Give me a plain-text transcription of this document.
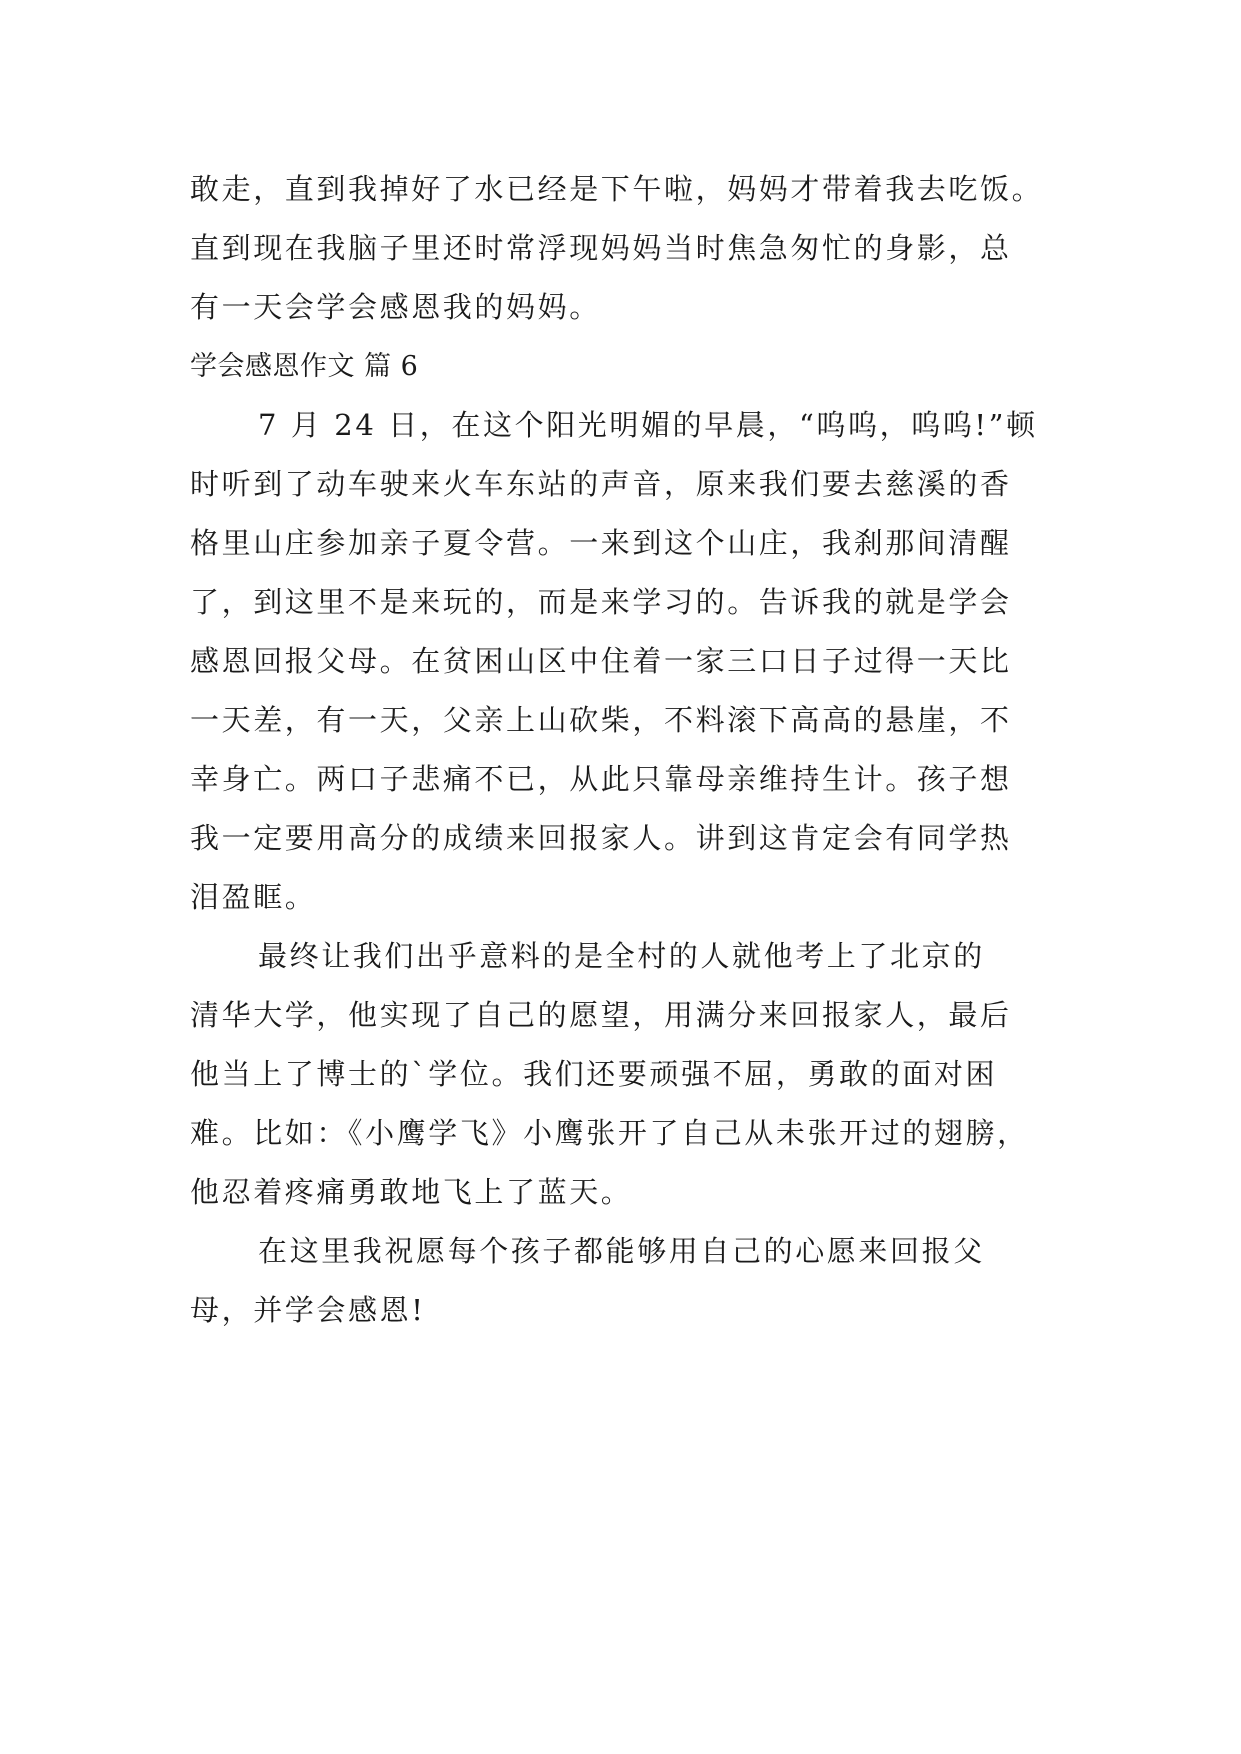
敢走，直到我掉好了水已经是下午啦，妈妈才带着我去吃饭。
直到现在我脑子里还时常浮现妈妈当时焦急匆忙的身影，总
有一天会学会感恩我的妈妈。
学会感恩作文 篇 6
7 月 24 日，在这个阳光明媚的早晨，“呜呜，呜呜!”顿
时听到了动车驶来火车东站的声音，原来我们要去慈溪的香
格里山庄参加亲子夏令营。一来到这个山庄，我刹那间清醒
了，到这里不是来玩的，而是来学习的。告诉我的就是学会
感恩回报父母。在贫困山区中住着一家三口日子过得一天比
一天差，有一天，父亲上山砍柴，不料滚下高高的悬崖，不
幸身亡。两口子悲痛不已，从此只靠母亲维持生计。孩子想
我一定要用高分的成绩来回报家人。讲到这肯定会有同学热
泪盈眶。
最终让我们出乎意料的是全村的人就他考上了北京的
清华大学，他实现了自己的愿望，用满分来回报家人，最后
他当上了博士的`学位。我们还要顽强不屈，勇敢的面对困
难。比如：《小鹰学飞》小鹰张开了自己从未张开过的翅膀，
他忍着疼痛勇敢地飞上了蓝天。
在这里我祝愿每个孩子都能够用自己的心愿来回报父
母，并学会感恩!
